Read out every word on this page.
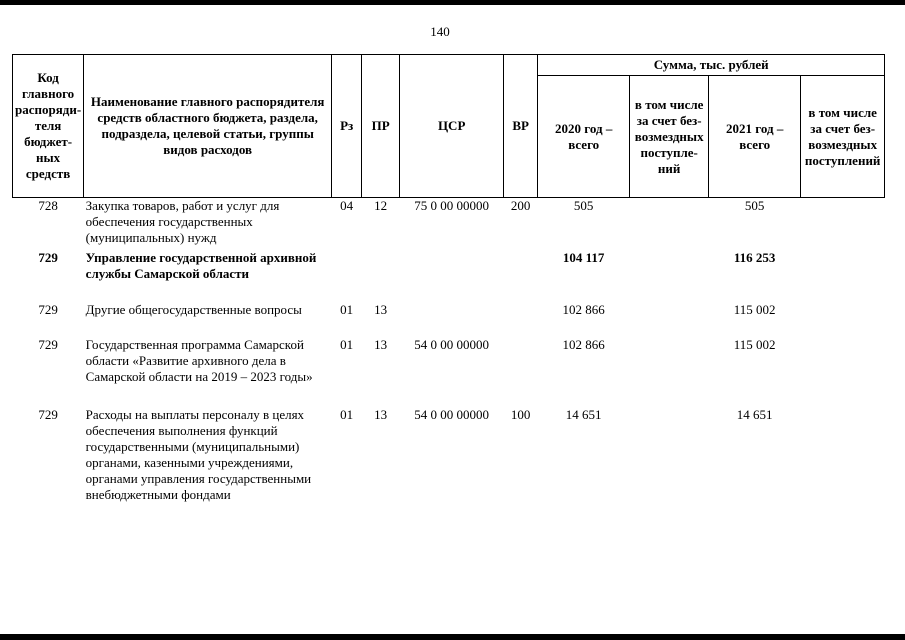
140
Код главного распорядителя бюджетных средств	Наименование главного распорядителя средств областного бюджета, раздела, подраздела, целевой статьи, группы видов расходов	Рз	ПР	ЦСР	ВР	Сумма, тыс. рублей			
						2020 год – всего	в том числе за счет безвозмездных поступлений	2021 год – всего	в том числе за счет безвозмездных поступлений
728	Закупка товаров, работ и услуг для обеспечения государственных (муниципальных) нужд	04	12	75 0 00 00000	200	505		505	
729	Управление государственной архивной службы Самарской области					104 117		116 253	
729	Другие общегосударственные вопросы	01	13			102 866		115 002	
729	Государственная программа Самарской области «Развитие архивного дела в Самарской области на 2019 – 2023 годы»	01	13	54 0 00 00000		102 866		115 002	
729	Расходы на выплаты персоналу в целях обеспечения выполнения функций государственными (муниципальными) органами, казенными учреждениями, органами управления государственными внебюджетными фондами	01	13	54 0 00 00000	100	14 651		14 651	
